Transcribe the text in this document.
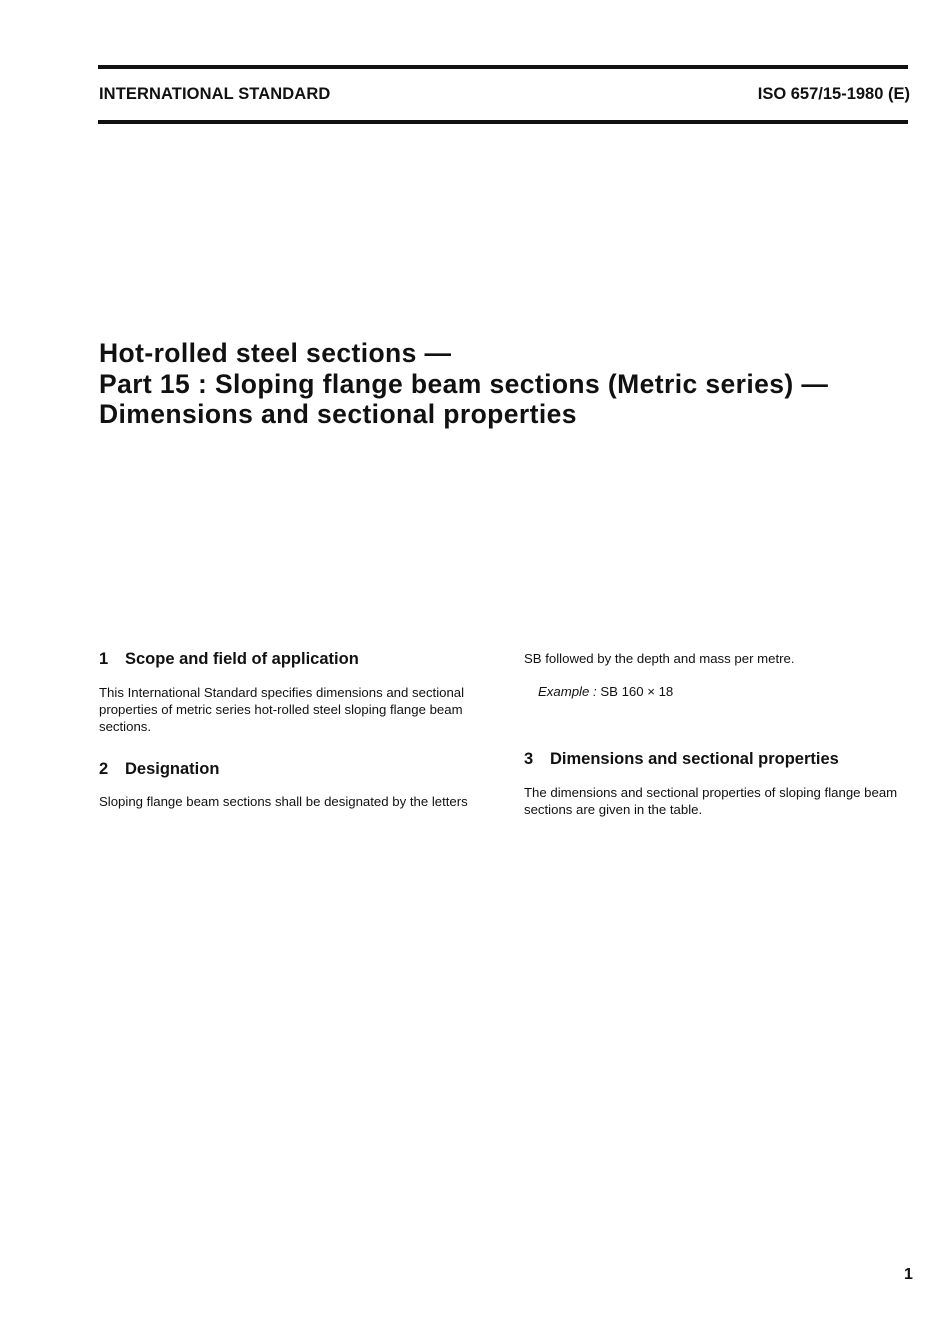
INTERNATIONAL STANDARD	ISO 657/15-1980 (E)
Hot-rolled steel sections —
Part 15 : Sloping flange beam sections (Metric series) —
Dimensions and sectional properties
1 Scope and field of application

This International Standard specifies dimensions and sectional properties of metric series hot-rolled steel sloping flange beam sections.

2 Designation

Sloping flange beam sections shall be designated by the letters

SB followed by the depth and mass per metre.

Example : SB 160 × 18

3 Dimensions and sectional properties

The dimensions and sectional properties of sloping flange beam sections are given in the table.

1
